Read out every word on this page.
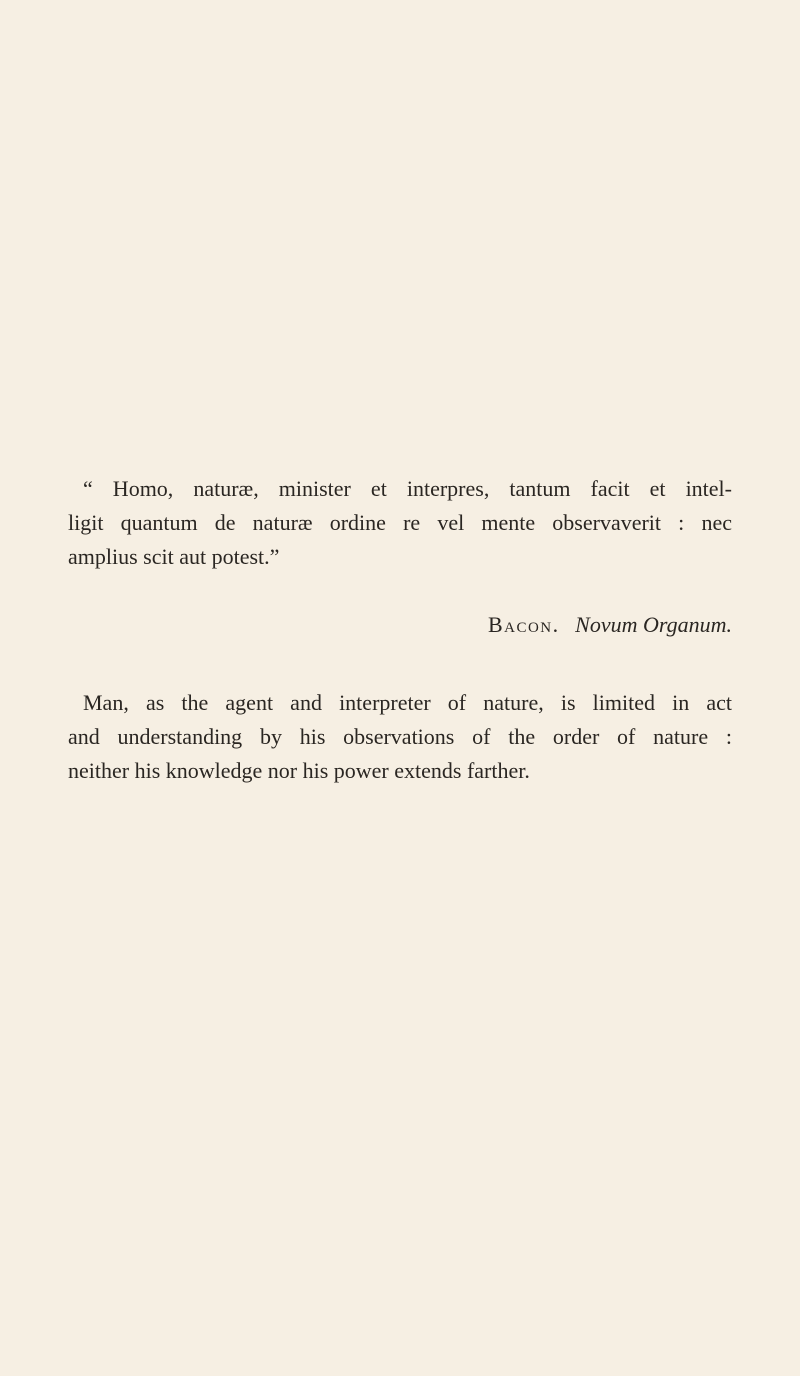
“ Homo, naturæ, minister et interpres, tantum facit et intel-
ligit quantum de naturæ ordine re vel mente observaverit : nec
amplius scit aut potest.”
Bacon. Novum Organum.
Man, as the agent and interpreter of nature, is limited in act
and understanding by his observations of the order of nature :
neither his knowledge nor his power extends farther.
